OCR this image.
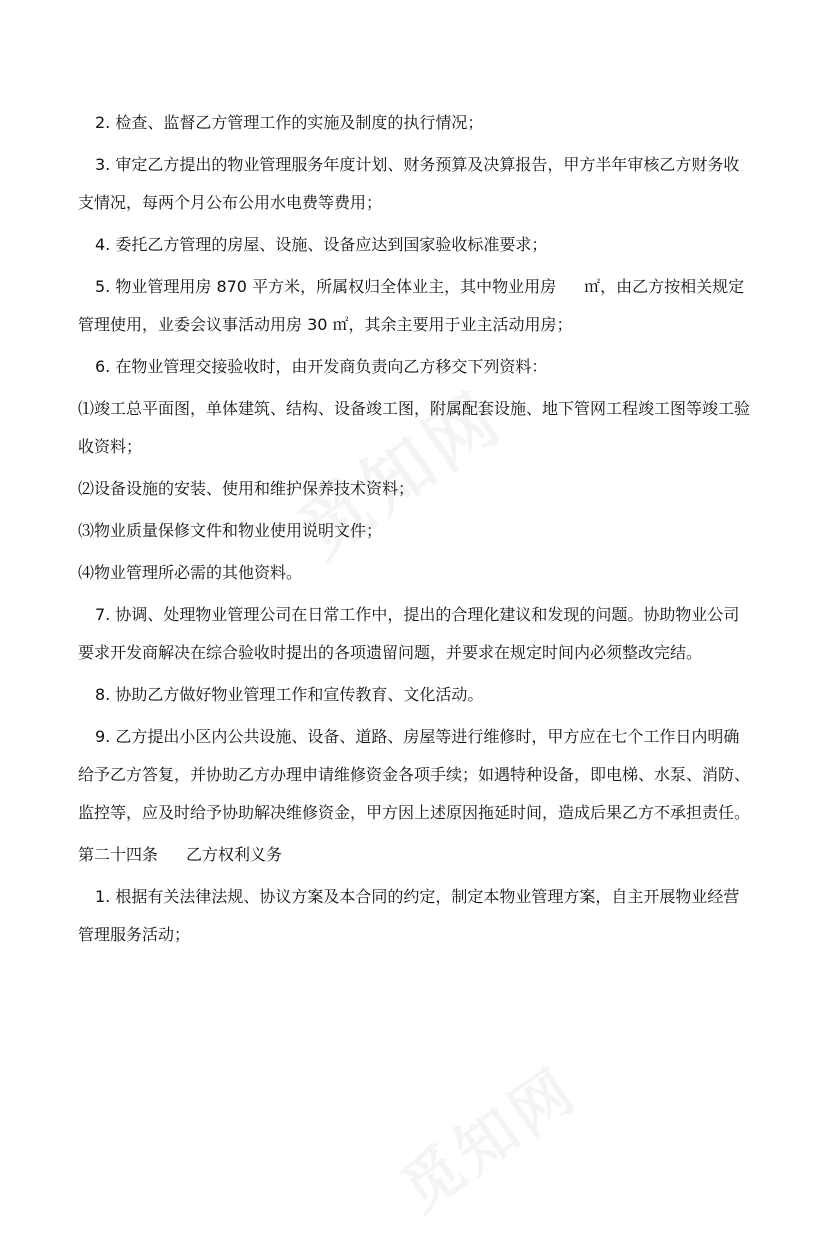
2. 检查、监督乙方管理工作的实施及制度的执行情况；

3. 审定乙方提出的物业管理服务年度计划、财务预算及决算报告，甲方半年审核乙方财务收支情况，每两个月公布公用水电费等费用；

4. 委托乙方管理的房屋、设施、设备应达到国家验收标准要求；

5. 物业管理用房 870 平方米，所属权归全体业主，其中物业用房 ㎡，由乙方按相关规定管理使用，业委会议事活动用房 30 ㎡，其余主要用于业主活动用房；

6. 在物业管理交接验收时，由开发商负责向乙方移交下列资料：

⑴竣工总平面图，单体建筑、结构、设备竣工图，附属配套设施、地下管网工程竣工图等竣工验收资料；

⑵设备设施的安装、使用和维护保养技术资料；

⑶物业质量保修文件和物业使用说明文件；

⑷物业管理所必需的其他资料。

7. 协调、处理物业管理公司在日常工作中，提出的合理化建议和发现的问题。协助物业公司要求开发商解决在综合验收时提出的各项遗留问题，并要求在规定时间内必须整改完结。

8. 协助乙方做好物业管理工作和宣传教育、文化活动。

9. 乙方提出小区内公共设施、设备、道路、房屋等进行维修时，甲方应在七个工作日内明确给予乙方答复，并协助乙方办理申请维修资金各项手续；如遇特种设备，即电梯、水泵、消防、监控等，应及时给予协助解决维修资金，甲方因上述原因拖延时间，造成后果乙方不承担责任。

第二十四条 乙方权利义务

1. 根据有关法律法规、协议方案及本合同的约定，制定本物业管理方案，自主开展物业经营管理服务活动；
